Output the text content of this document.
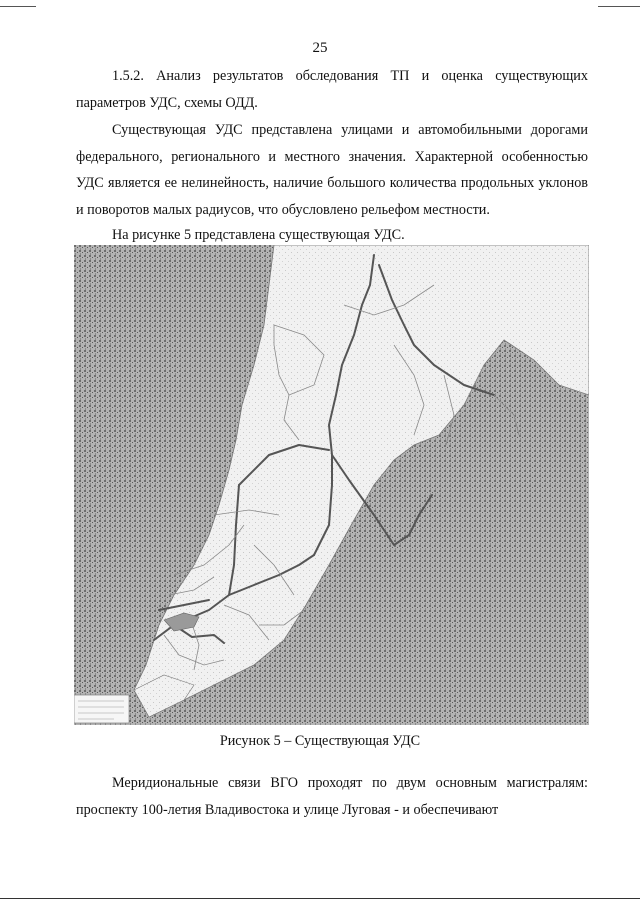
25

1.5.2. Анализ результатов обследования ТП и оценка существующих параметров УДС, схемы ОДД.

Существующая УДС представлена улицами и автомобильными дорогами федерального, регионального и местного значения. Характерной особенностью УДС является ее нелинейность, наличие большого количества продольных уклонов и поворотов малых радиусов, что обусловлено рельефом местности.

На рисунке 5 представлена существующая УДС.

Рисунок 5 – Существующая УДС

Меридиональные связи ВГО проходят по двум основным магистралям: проспекту 100-летия Владивостока и улице Луговая - и обеспечивают
